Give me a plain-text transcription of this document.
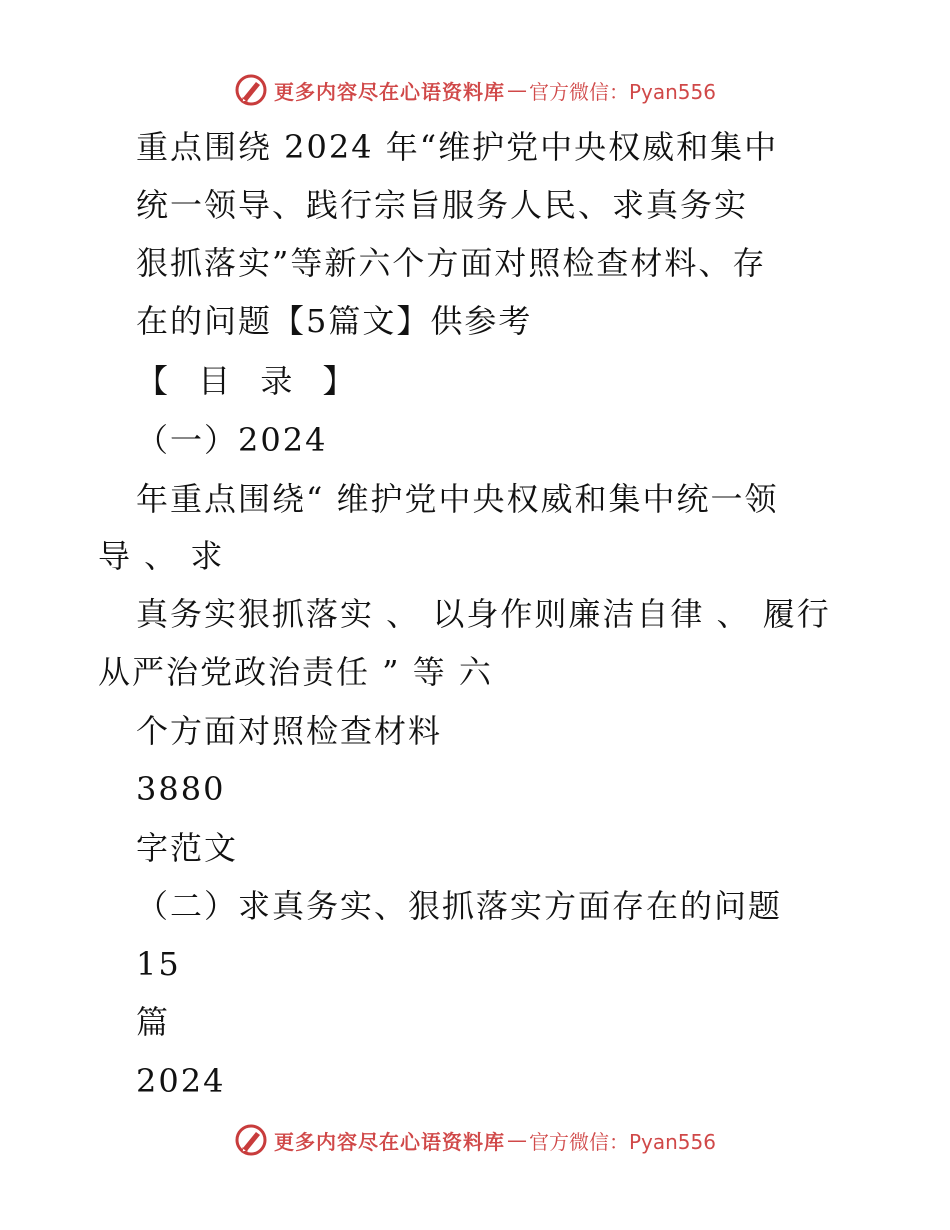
更多内容尽在心语资料库 — 官方微信：Pyan556
重点围绕 2024 年“维护党中央权威和集中
统一领导、践行宗旨服务人民、求真务实
狠抓落实”等新六个方面对照检查材料、存
在的问题【5篇文】供参考
【 目 录 】
（一）2024
年重点围绕“ 维护党中央权威和集中统一领
导 、 求
真务实狠抓落实 、 以身作则廉洁自律 、 履行
从严治党政治责任 ” 等 六
个方面对照检查材料
3880
字范文
（二）求真务实、狠抓落实方面存在的问题
15
篇
2024
更多内容尽在心语资料库 — 官方微信：Pyan556
